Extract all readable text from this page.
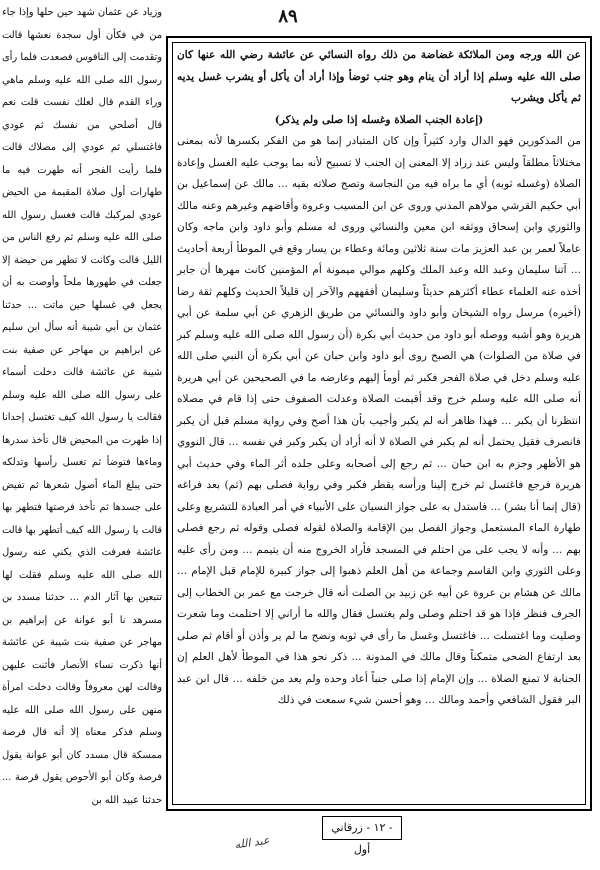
٨٩
عن الله ورجه ومن الملائكة غضاضة من ذلك رواه النسائي عن عائشة رضي الله عنها كان صلى الله عليه وسلم إذا أراد أن ينام وهو جنب توضأ وإذا أراد أن يأكل أو يشرب غسل يديه ثم يأكل ويشرب

(إعادة الجنب الصلاة وغسله إذا صلى ولم يذكر)
من المذكورين فهو الدال وارد كثيراً وإن كان المتبادر إنما هو من الفكر بكسرها لأنه بمعنى مختلاثاً مطلقاً وليس عند زراد إلا المعنى إن الجنب لا تسبيح لأنه بما يوجب عليه الغسل وإعادة الصلاة (وغسله ثوبه) أي ما براه فيه من النجاسة وتصح صلاته بقيه ... مالك عن إسماعيل بن أبي حكيم القرشي مولاهم المدني وروى عن ابن المسيب وعروة وأقاضهم وغيرهم وعنه مالك والثوري وابن إسحاق ووثقه ابن معين والنسائي وروى له مسلم وأبو داود وابن ماجه وكان عاملاً لعمر بن عبد العزيز مات سنة ثلاثين ومائة وعطاء بن يسار وقع في الموطأ أربعة أحاديث ... آتنا سليمان وعبد الله وعبد الملك وكلهم موالي ميمونة أم المؤمنين كانت مهرها أن جابر أخذه عنه العلماء عطاء أكثرهم حديثاً وسليمان أفقههم والآخر إن قليلاً الحديث وكلهم ثقة رضا (أخيره) مرسل رواه الشيخان وأبو داود والنسائي من طريق الزهري عن أبي سلمة عن أبي هريرة وهو أشبه ووصله أبو داود من حديث أبي بكرة (أن رسول الله صلى الله عليه وسلم كبر في صلاة من الصلوات) هي الصبح روى أبو داود وابن حبان عن أبي بكرة أن النبي صلى الله عليه وسلم دخل في صلاة الفجر فكبر ثم أومأ إليهم وعارضه ما في الصحيحين عن أبي هريرة أنه صلى الله عليه وسلم خرج وقد أقيمت الصلاة وعدلت الصفوف حتى إذا قام في مصلاه انتظرنا أن يكبر ... فهذا ظاهر أنه لم يكبر وأجيب بأن هذا أصح وفي رواية مسلم قبل أن يكبر فانصرف فقيل يحتمل أنه لم يكبر في الصلاة لا أنه أراد أن يكبر وكبر في نفسه ... قال النووي هو الأظهر وجزم به ابن حبان ... ثم رجع إلى أصحابه وعلى جلده أثر الماء وفي حديث أبي هريرة فرجع فاغتسل ثم خرج إلينا ورأسه يقطر فكبر وفي رواية فصلى بهم (ثم) بعد فراغه (قال إنما أنا بشر) ... فاستدل به على جواز النسيان على الأنبياء في أمر العبادة للتشريع وعلى طهارة الماء المستعمل وجواز الفصل بين الإقامة والصلاة لقوله فصلى وقوله ثم رجع فصلى بهم ... وأنه لا يجب على من احتلم في المسجد فأراد الخروج منه أن يتيمم ... ومن رأى عليه وعلى الثوري وابن القاسم وجماعة من أهل العلم ذهبوا إلى جواز كبيرة للإمام قبل الإمام ... مالك عن هشام بن عروة عن أبيه عن زبيد بن الصلت أنه قال خرجت مع عمر بن الخطاب إلى الجرف فنظر فإذا هو قد احتلم وصلى ولم يغتسل فقال والله ما أراني إلا احتلمت وما شعرت وصليت وما اغتسلت ... فاغتسل وغسل ما رأى في ثوبه ونضح ما لم ير وأذن أو أقام ثم صلى بعد ارتفاع الضحى متمكناً وقال مالك في المدونة ... ذكر نحو هذا في الموطأ لأهل العلم إن الجنابة لا تمنع الصلاة ... وإن الإمام إذا صلى جنباً أعاد وحده ولم يعد من خلفه ... قال ابن عبد البر فقول الشافعي وأحمد ومالك ... وهو أحسن شيء سمعت في ذلك
وزياد عن عثمان شهد حين حلها وإذا جاء من في فكأن أول سجدة نعشها قالت وتقدمت إلى الناقوس فصعدت فلما رأى رسول الله صلى الله عليه وسلم ماهي وراء القدم قال لعلك نفست قلت نعم قال أصلحي من نفسك ثم عودي فاغتسلي ثم عودي إلى مصلاك قالت فلما رأيت الفجر أنه طهرت فيه ما طهارات أول صلاة المقيمة من الحيض عودي لمركبك قالت فغسل رسول الله صلى الله عليه وسلم ثم رفع الناس من الليل قالت وكانت لا تطهر من حيضة إلا جعلت في طهورها ملحاً وأوصت به أن يجعل في غسلها حين ماتت ... حدثنا عثمان بن أبي شيبة أنه سأل ابن سليم عن ابراهيم بن مهاجر عن صفية بنت شيبة عن عائشة قالت دخلت أسماء على رسول الله صلى الله عليه وسلم فقالت يا رسول الله كيف تغتسل إحدانا إذا طهرت من المحيض قال تأخذ سدرها وماءها فتوضأ ثم تغسل رأسها وتدلكه حتى يبلغ الماء أصول شعرها ثم تفيض على جسدها ثم تأخذ فرصتها فتطهر بها قالت يا رسول الله كيف أتطهر بها قالت عائشة فعرفت الذي يكني عنه رسول الله صلى الله عليه وسلم فقلت لها تتبعين بها آثار الدم ... حدثنا مسدد بن مسرهد نا أبو عوانة عن إبراهيم بن مهاجر عن صفية بنت شيبة عن عائشة أنها ذكرت نساء الأنصار فأثنت عليهن وقالت لهن معروفاً وقالت دخلت امرأة منهن على رسول الله صلى الله عليه وسلم فذكر معناه إلا أنه قال فرصة ممسكة قال مسدد كان أبو عوانة يقول فرصة وكان أبو الأحوص يقول قرصة ... حدثنا عبيد الله بن
- ١٢ - زرقاني أول
عبد الله
